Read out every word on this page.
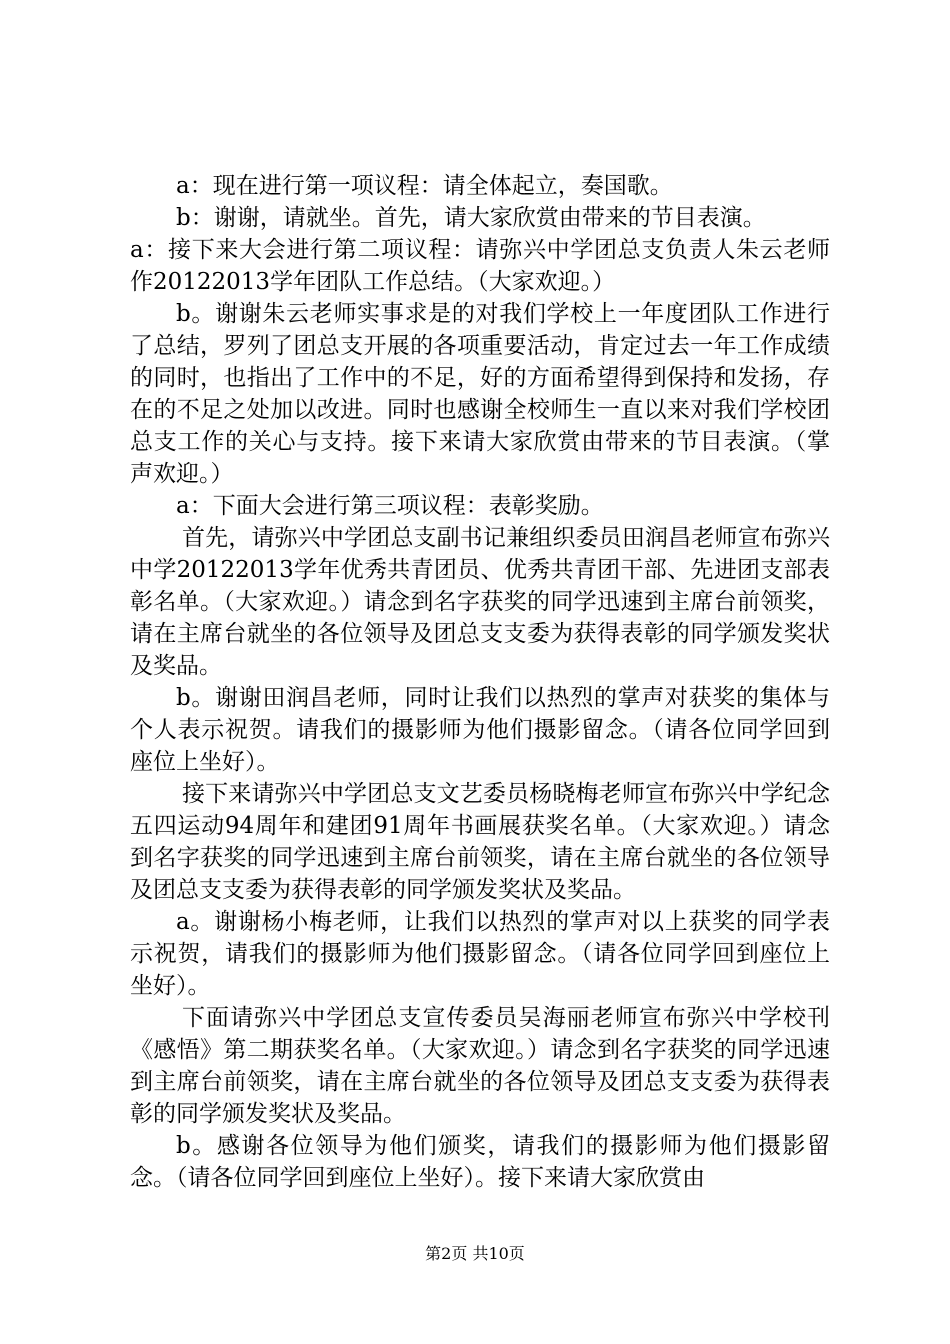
a：现在进行第一项议程：请全体起立，奏国歌。

b：谢谢，请就坐。首先，请大家欣赏由带来的节目表演。

a：接下来大会进行第二项议程：请弥兴中学团总支负责人朱云老师作20122013学年团队工作总结。（大家欢迎。）

b。谢谢朱云老师实事求是的对我们学校上一年度团队工作进行了总结，罗列了团总支开展的各项重要活动，肯定过去一年工作成绩的同时，也指出了工作中的不足，好的方面希望得到保持和发扬，存在的不足之处加以改进。同时也感谢全校师生一直以来对我们学校团总支工作的关心与支持。接下来请大家欣赏由带来的节目表演。（掌声欢迎。）

a：下面大会进行第三项议程：表彰奖励。

首先，请弥兴中学团总支副书记兼组织委员田润昌老师宣布弥兴中学20122013学年优秀共青团员、优秀共青团干部、先进团支部表彰名单。（大家欢迎。）请念到名字获奖的同学迅速到主席台前领奖，请在主席台就坐的各位领导及团总支支委为获得表彰的同学颁发奖状及奖品。

b。谢谢田润昌老师，同时让我们以热烈的掌声对获奖的集体与个人表示祝贺。请我们的摄影师为他们摄影留念。（请各位同学回到座位上坐好）。

接下来请弥兴中学团总支文艺委员杨晓梅老师宣布弥兴中学纪念五四运动94周年和建团91周年书画展获奖名单。（大家欢迎。）请念到名字获奖的同学迅速到主席台前领奖，请在主席台就坐的各位领导及团总支支委为获得表彰的同学颁发奖状及奖品。

a。谢谢杨小梅老师，让我们以热烈的掌声对以上获奖的同学表示祝贺，请我们的摄影师为他们摄影留念。（请各位同学回到座位上坐好）。

下面请弥兴中学团总支宣传委员吴海丽老师宣布弥兴中学校刊《感悟》第二期获奖名单。（大家欢迎。）请念到名字获奖的同学迅速到主席台前领奖，请在主席台就坐的各位领导及团总支支委为获得表彰的同学颁发奖状及奖品。

b。感谢各位领导为他们颁奖，请我们的摄影师为他们摄影留念。（请各位同学回到座位上坐好）。接下来请大家欣赏由

第2页 共10页
